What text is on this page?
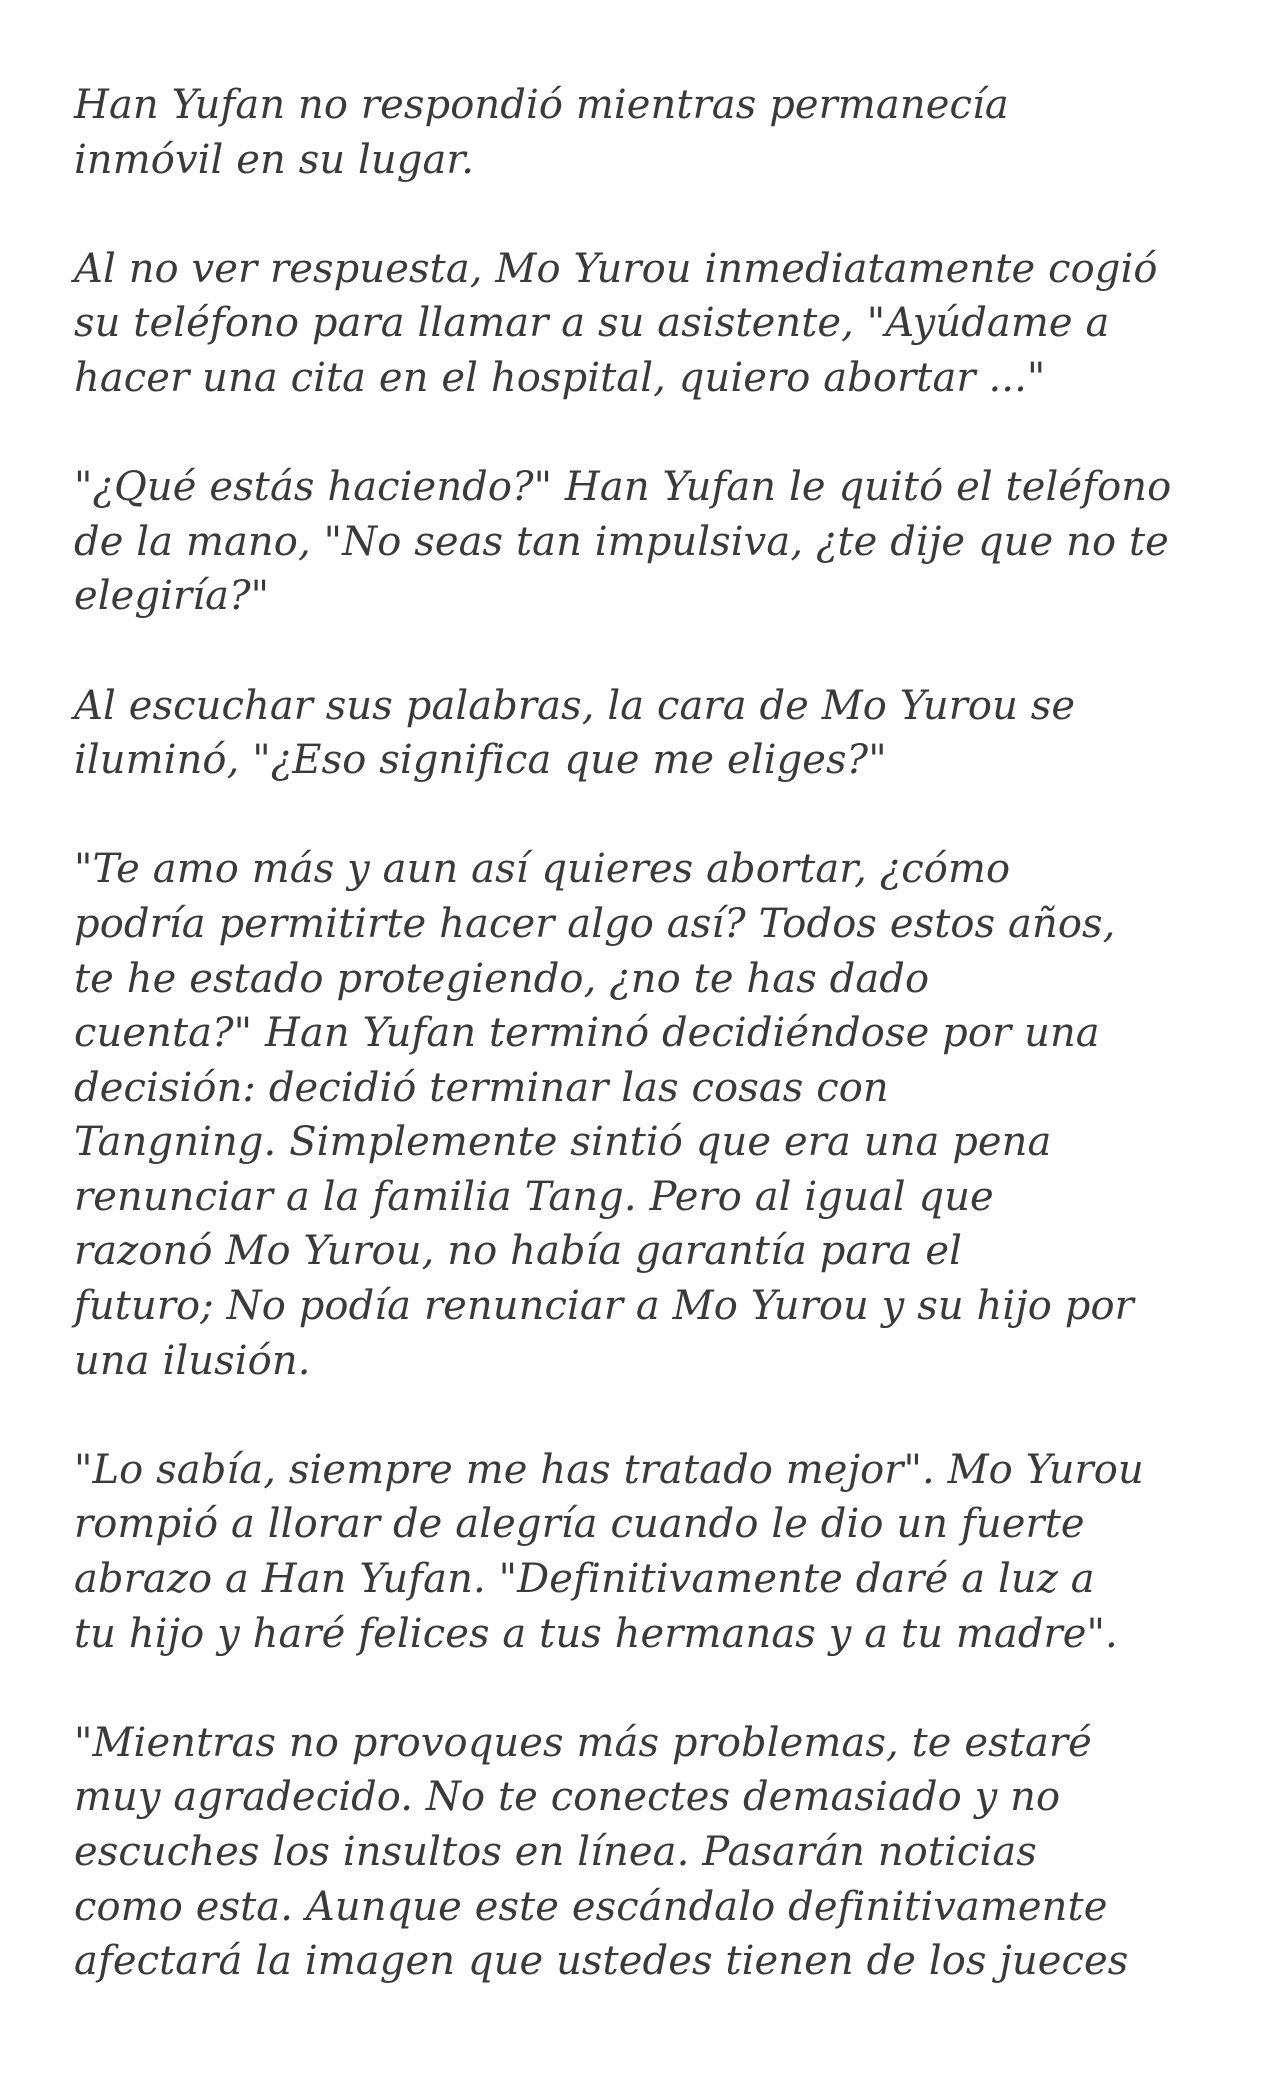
Han Yufan no respondió mientras permanecía
inmóvil en su lugar.
Al no ver respuesta, Mo Yurou inmediatamente cogió
su teléfono para llamar a su asistente, "Ayúdame a
hacer una cita en el hospital, quiero abortar ..."
"¿Qué estás haciendo?" Han Yufan le quitó el teléfono
de la mano, "No seas tan impulsiva, ¿te dije que no te
elegiría?"
Al escuchar sus palabras, la cara de Mo Yurou se
iluminó, "¿Eso significa que me eliges?"
"Te amo más y aun así quieres abortar, ¿cómo
podría permitirte hacer algo así? Todos estos años,
te he estado protegiendo, ¿no te has dado
cuenta?" Han Yufan terminó decidiéndose por una
decisión: decidió terminar las cosas con
Tangning. Simplemente sintió que era una pena
renunciar a la familia Tang. Pero al igual que
razonó Mo Yurou, no había garantía para el
futuro; No podía renunciar a Mo Yurou y su hijo por
una ilusión.
"Lo sabía, siempre me has tratado mejor". Mo Yurou
rompió a llorar de alegría cuando le dio un fuerte
abrazo a Han Yufan. "Definitivamente daré a luz a
tu hijo y haré felices a tus hermanas y a tu madre".
"Mientras no provoques más problemas, te estaré
muy agradecido. No te conectes demasiado y no
escuches los insultos en línea. Pasarán noticias
como esta. Aunque este escándalo definitivamente
afectará la imagen que ustedes tienen de los jueces
